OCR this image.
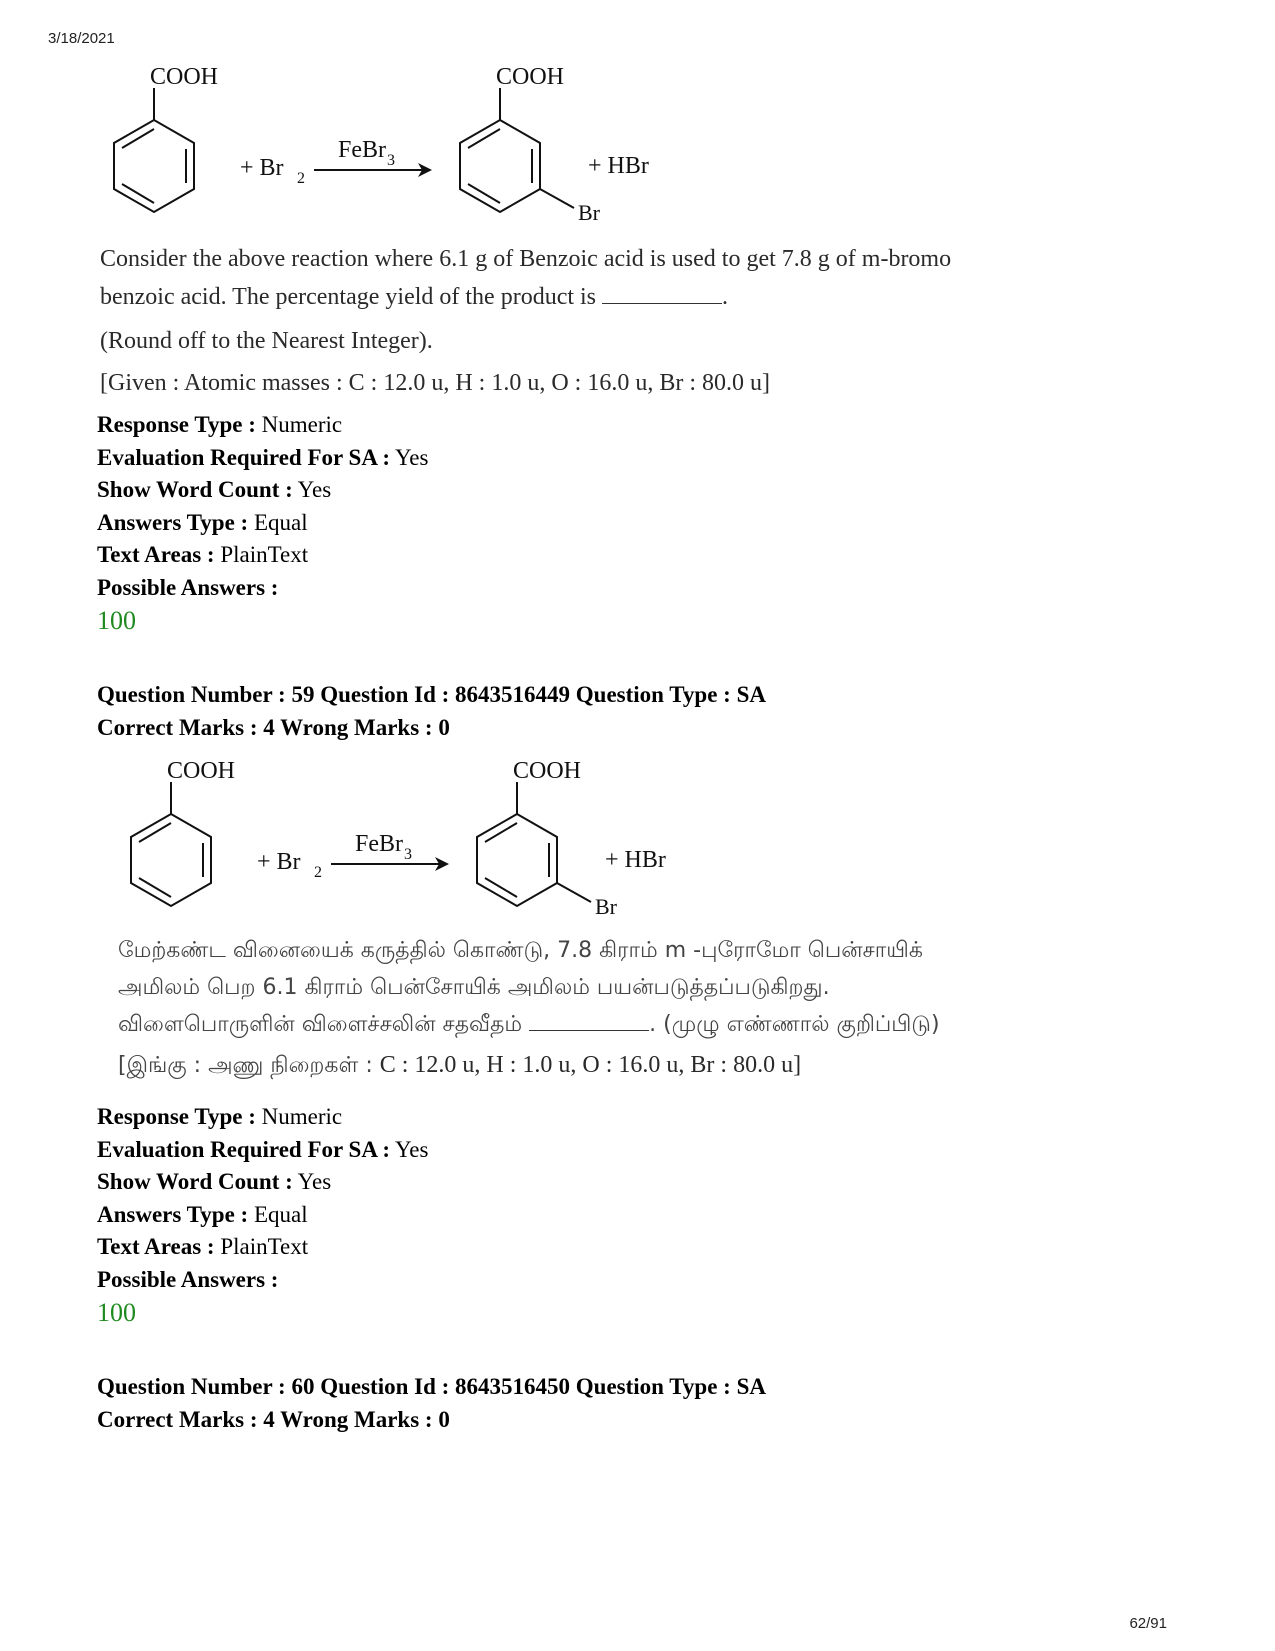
3/18/2021
COOH
+ Br 2
FeBr 3
COOH
Br
+ HBr

Consider the above reaction where 6.1 g of Benzoic acid is used to get 7.8 g of m-bromo

benzoic acid. The percentage yield of the product is	.

(Round off to the Nearest Integer).

[Given : Atomic masses : C : 12.0 u, H : 1.0 u, O : 16.0 u, Br : 80.0 u]

Response Type : Numeric
Evaluation Required For SA : Yes
Show Word Count : Yes
Answers Type : Equal
Text Areas : PlainText
Possible Answers :
100
Question Number : 59 Question Id : 8643516449 Question Type : SA
Correct Marks : 4 Wrong Marks : 0
COOH
+ Br 2
FeBr 3
COOH
Br
+ HBr

மேற்கண்ட வினையைக் கருத்தில் கொண்டு, 7.8 கிராம் m -புரோமோ பென்சாயிக்

அமிலம் பெற 6.1 கிராம் பென்சோயிக் அமிலம் பயன்படுத்தப்படுகிறது.

விளைபொருளின் விளைச்சலின் சதவீதம்	. (முழு எண்ணால் குறிப்பிடு)

[இங்கு : அணு நிறைகள் : C : 12.0 u, H : 1.0 u, O : 16.0 u, Br : 80.0 u]

Response Type : Numeric
Evaluation Required For SA : Yes
Show Word Count : Yes
Answers Type : Equal
Text Areas : PlainText
Possible Answers :
100
Question Number : 60 Question Id : 8643516450 Question Type : SA
Correct Marks : 4 Wrong Marks : 0
62/91
